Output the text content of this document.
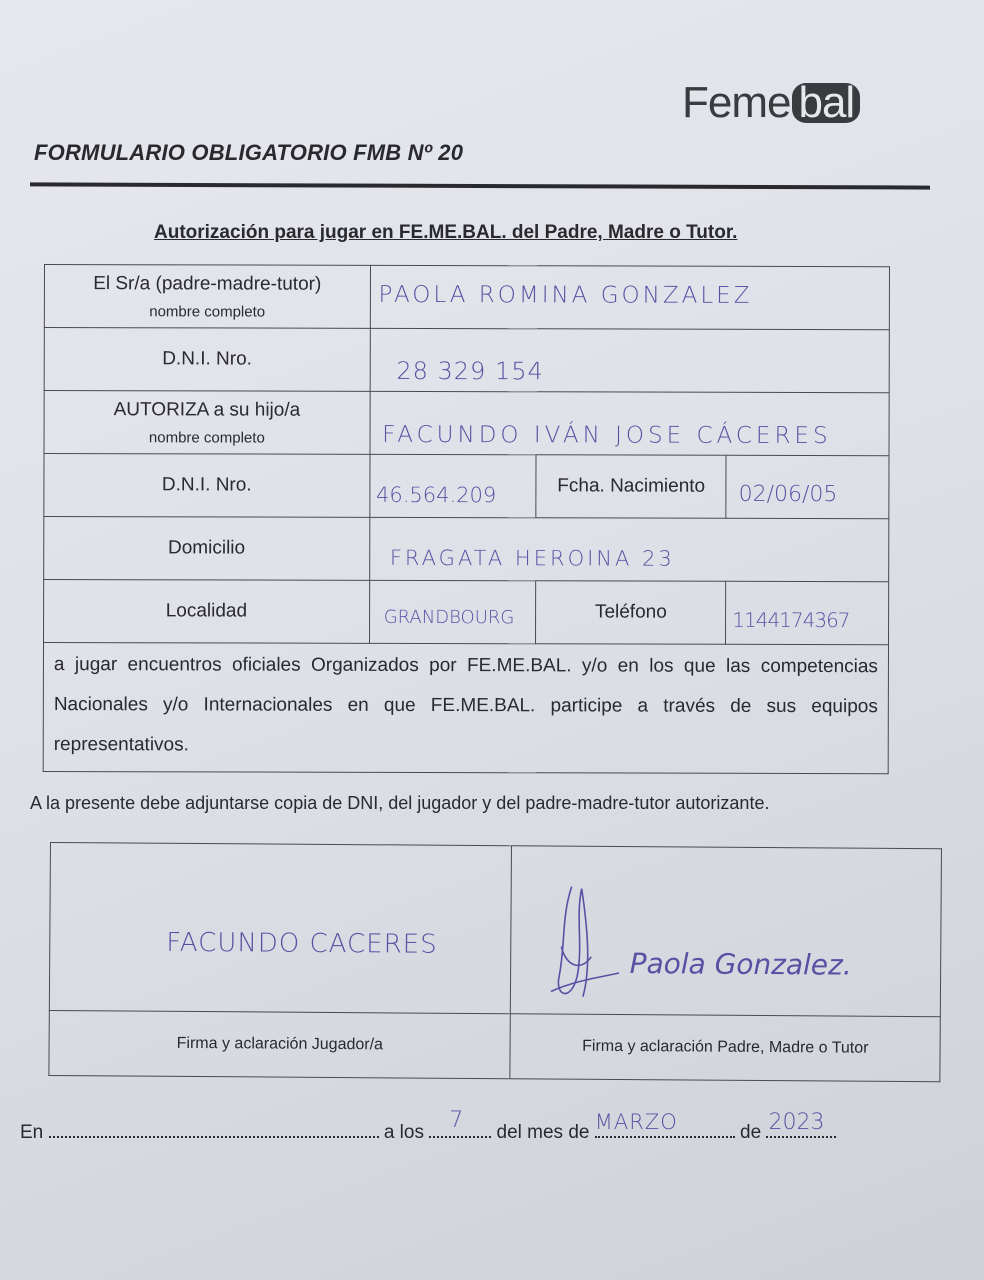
Feme bal
FORMULARIO OBLIGATORIO FMB Nº 20
Autorización para jugar en FE.ME.BAL. del Padre, Madre o Tutor.
El Sr/a (padre-madre-tutor)
nombre completo	PAOLA ROMINA GONZALEZ		

D.N.I. Nro.	28 329 154		

AUTORIZA a su hijo/a
nombre completo	FACUNDO IVÁN JOSE CÁCERES		

D.N.I. Nro.	46.564.209	Fcha. Nacimiento	02/06/05

Domicilio	FRAGATA HEROINA 23		

Localidad	GRANDBOURG	Teléfono	1144174367

a jugar encuentros oficiales Organizados por FE.ME.BAL. y/o en los que las competencias Nacionales y/o Internacionales en que FE.ME.BAL. participe a través de sus equipos representativos.			
A la presente debe adjuntarse copia de DNI, del jugador y del padre-madre-tutor autorizante.
FACUNDO CACERES	Paola Gonzalez.

Firma y aclaración Jugador/a	Firma y aclaración Padre, Madre o Tutor
En	a los 7 del mes de MARZO	de 2023
